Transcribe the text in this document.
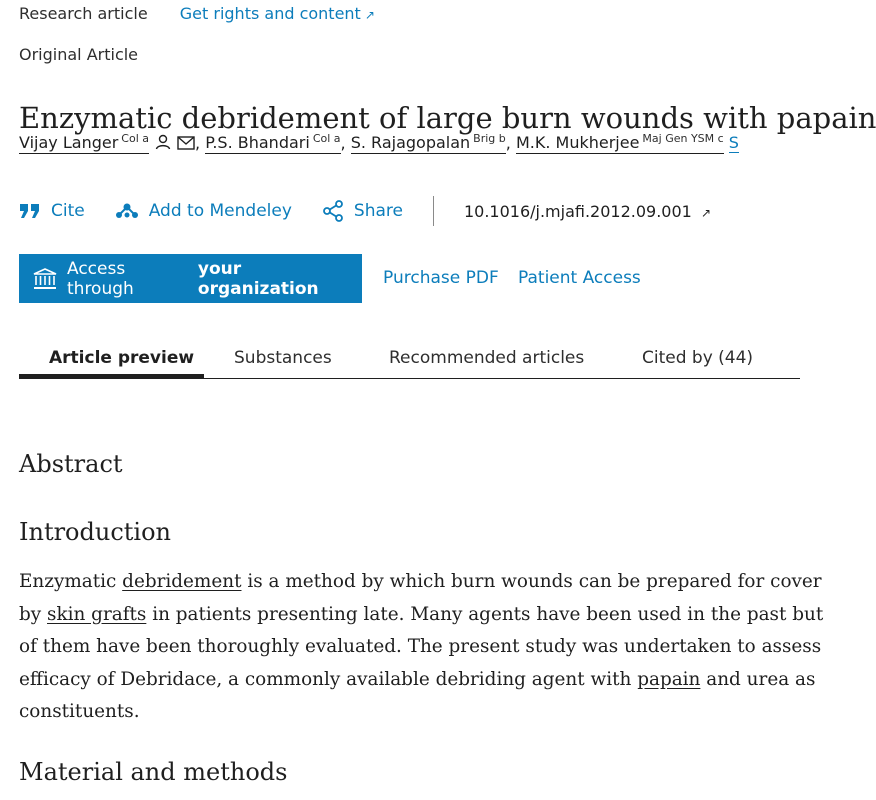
Research article Get rights and content ↗
Original Article
Enzymatic debridement of large burn wounds with papain
Vijay Langer $^{Col a}$	, P.S. Bhandari $^{Col a}$, S. Rajagopalan $^{Brig b}$, M.K. Mukherjee $^{Maj Gen YSM c}$ S
Cite	Add to Mendeley	Share	10.1016/j.mjafi.2012.09.001 ↗
Access through
your organization
Purchase PDF Patient Access
Article preview Substances	Recommended articles	Cited by (44)
Abstract
Introduction
Enzymatic debridement is a method by which burn wounds can be prepared for cover
by skin grafts in patients presenting late. Many agents have been used in the past but
of them have been thoroughly evaluated. The present study was undertaken to assess
efficacy of Debridace, a commonly available debriding agent with papain and urea as
constituents.
Material and methods
